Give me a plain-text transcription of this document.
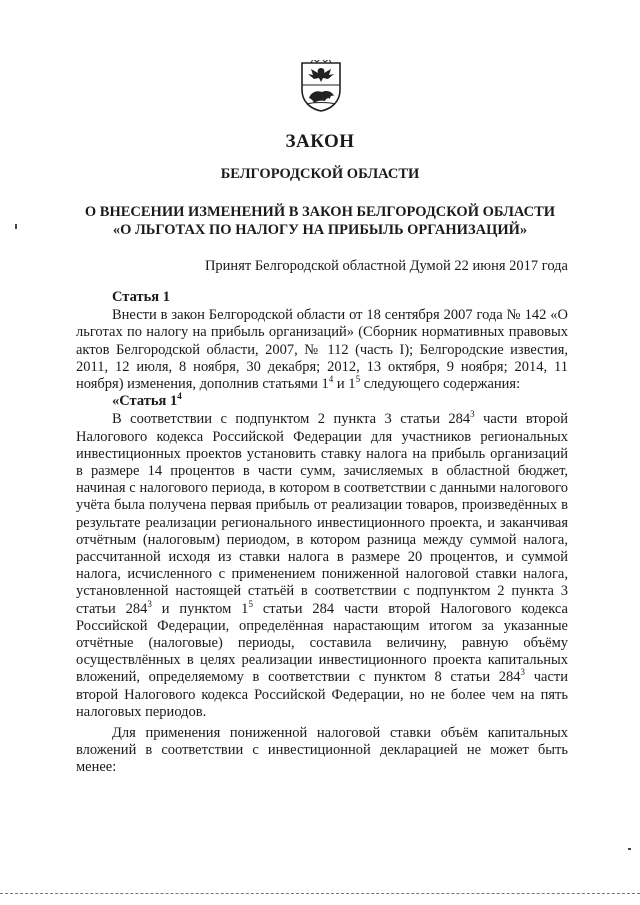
ЗАКОН

БЕЛГОРОДСКОЙ ОБЛАСТИ

О ВНЕСЕНИИ ИЗМЕНЕНИЙ В ЗАКОН БЕЛГОРОДСКОЙ ОБЛАСТИ
«О ЛЬГОТАХ ПО НАЛОГУ НА ПРИБЫЛЬ ОРГАНИЗАЦИЙ»

Принят Белгородской областной Думой 22 июня 2017 года

Статья 1

Внести в закон Белгородской области от 18 сентября 2007 года № 142 «О льготах по налогу на прибыль организаций» (Сборник нормативных правовых актов Белгородской области, 2007, № 112 (часть I); Белгородские известия, 2011, 12 июля, 8 ноября, 30 декабря; 2012, 13 октября, 9 ноября; 2014, 11 ноября) изменения, дополнив статьями $1^4$ и $1^5$ следующего содержания:

«Статья $1^4$

В соответствии с подпунктом 2 пункта 3 статьи $284^3$ части второй Налогового кодекса Российской Федерации для участников региональных инвестиционных проектов установить ставку налога на прибыль организаций в размере 14 процентов в части сумм, зачисляемых в областной бюджет, начиная с налогового периода, в котором в соответствии с данными налогового учёта была получена первая прибыль от реализации товаров, произведённых в результате реализации регионального инвестиционного проекта, и заканчивая отчётным (налоговым) периодом, в котором разница между суммой налога, рассчитанной исходя из ставки налога в размере 20 процентов, и суммой налога, исчисленного с применением пониженной налоговой ставки налога, установленной настоящей статьёй в соответствии с подпунктом 2 пункта 3 статьи $284^3$ и пунктом $1^5$ статьи 284 части второй Налогового кодекса Российской Федерации, определённая нарастающим итогом за указанные отчётные (налоговые) периоды, составила величину, равную объёму осуществлённых в целях реализации инвестиционного проекта капитальных вложений, определяемому в соответствии с пунктом 8 статьи $284^3$ части второй Налогового кодекса Российской Федерации, но не более чем на пять налоговых периодов.

Для применения пониженной налоговой ставки объём капитальных вложений в соответствии с инвестиционной декларацией не может быть менее:
